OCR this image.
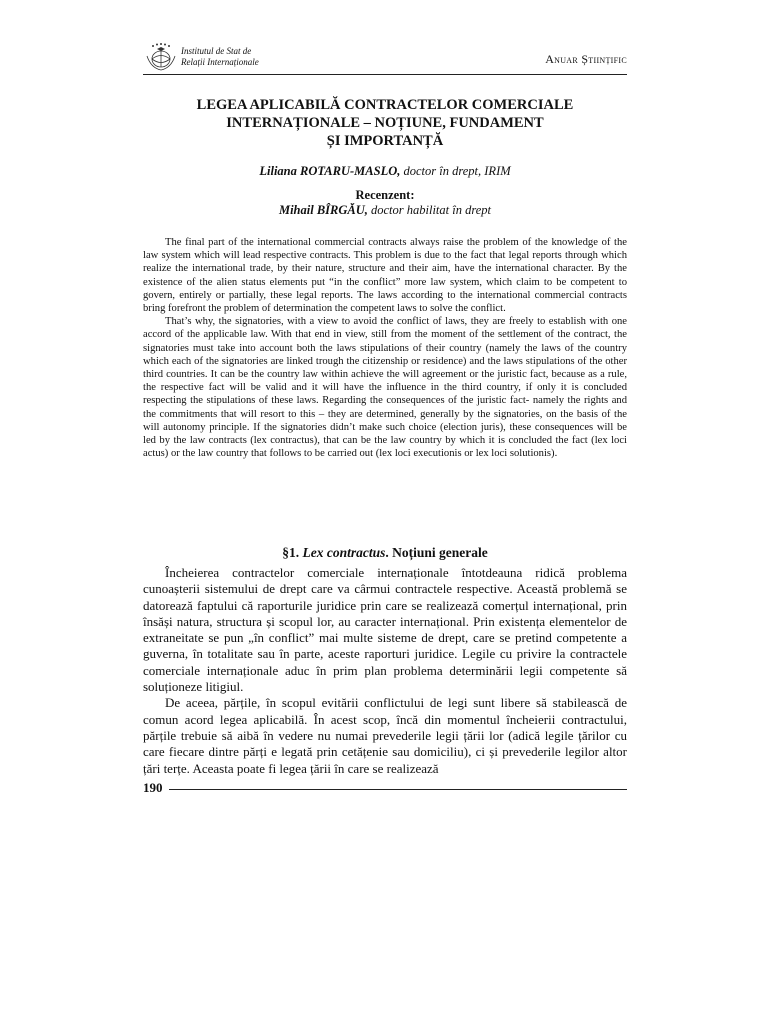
Institutul de Stat de
Relații Internaționale	Anuar Științific
LEGEA APLICABILĂ CONTRACTELOR COMERCIALE
INTERNAȚIONALE – NOȚIUNE, FUNDAMENT
ȘI IMPORTANȚĂ
Liliana ROTARU-MASLO, doctor în drept, IRIM
Recenzent:
Mihail BÎRGĂU, doctor habilitat în drept

The final part of the international commercial contracts always raise the problem of the knowledge of the law system which will lead respective contracts. This problem is due to the fact that legal reports through which realize the international trade, by their nature, structure and their aim, have the international character. By the existence of the alien status elements put “in the conflict” more law system, which claim to be competent to govern, entirely or partially, these legal reports. The laws according to the international commercial contracts bring forefront the problem of determination the competent laws to solve the conflict.

That’s why, the signatories, with a view to avoid the conflict of laws, they are freely to establish with one accord of the applicable law. With that end in view, still from the moment of the settlement of the contract, the signatories must take into account both the laws stipulations of their country (namely the laws of the country which each of the signatories are linked trough the citizenship or residence) and the laws stipulations of the other third countries. It can be the country law within achieve the will agreement or the juristic fact, because as a rule, the respective fact will be valid and it will have the influence in the third country, if only it is concluded respecting the stipulations of these laws. Regarding the consequences of the juristic fact- namely the rights and the commitments that will resort to this – they are determined, generally by the signatories, on the basis of the will autonomy principle. If the signatories didn’t make such choice (election juris), these consequences will be led by the law contracts (lex contractus), that can be the law country by which it is concluded the fact (lex loci actus) or the law country that follows to be carried out (lex loci executionis or lex loci solutionis).

§1. Lex contractus. Noțiuni generale

Încheierea contractelor comerciale internaționale întotdeauna ridică problema cunoașterii sistemului de drept care va cârmui contractele respective. Această problemă se datorează faptului că raporturile juridice prin care se realizează comerțul internațional, prin însăși natura, structura și scopul lor, au caracter internațional. Prin existența elementelor de extraneitate se pun „în conflict” mai multe sisteme de drept, care se pretind competente a guverna, în totalitate sau în parte, aceste raporturi juridice. Legile cu privire la contractele comerciale internaționale aduc în prim plan problema determinării legii competente să soluționeze litigiul.

De aceea, părțile, în scopul evitării conflictului de legi sunt libere să stabilească de comun acord legea aplicabilă. În acest scop, încă din momentul încheierii contractului, părțile trebuie să aibă în vedere nu numai prevederile legii țării lor (adică legile țărilor cu care fiecare dintre părți e legată prin cetățenie sau domiciliu), ci și prevederile legilor altor țări terțe. Aceasta poate fi legea țării în care se realizează

190
